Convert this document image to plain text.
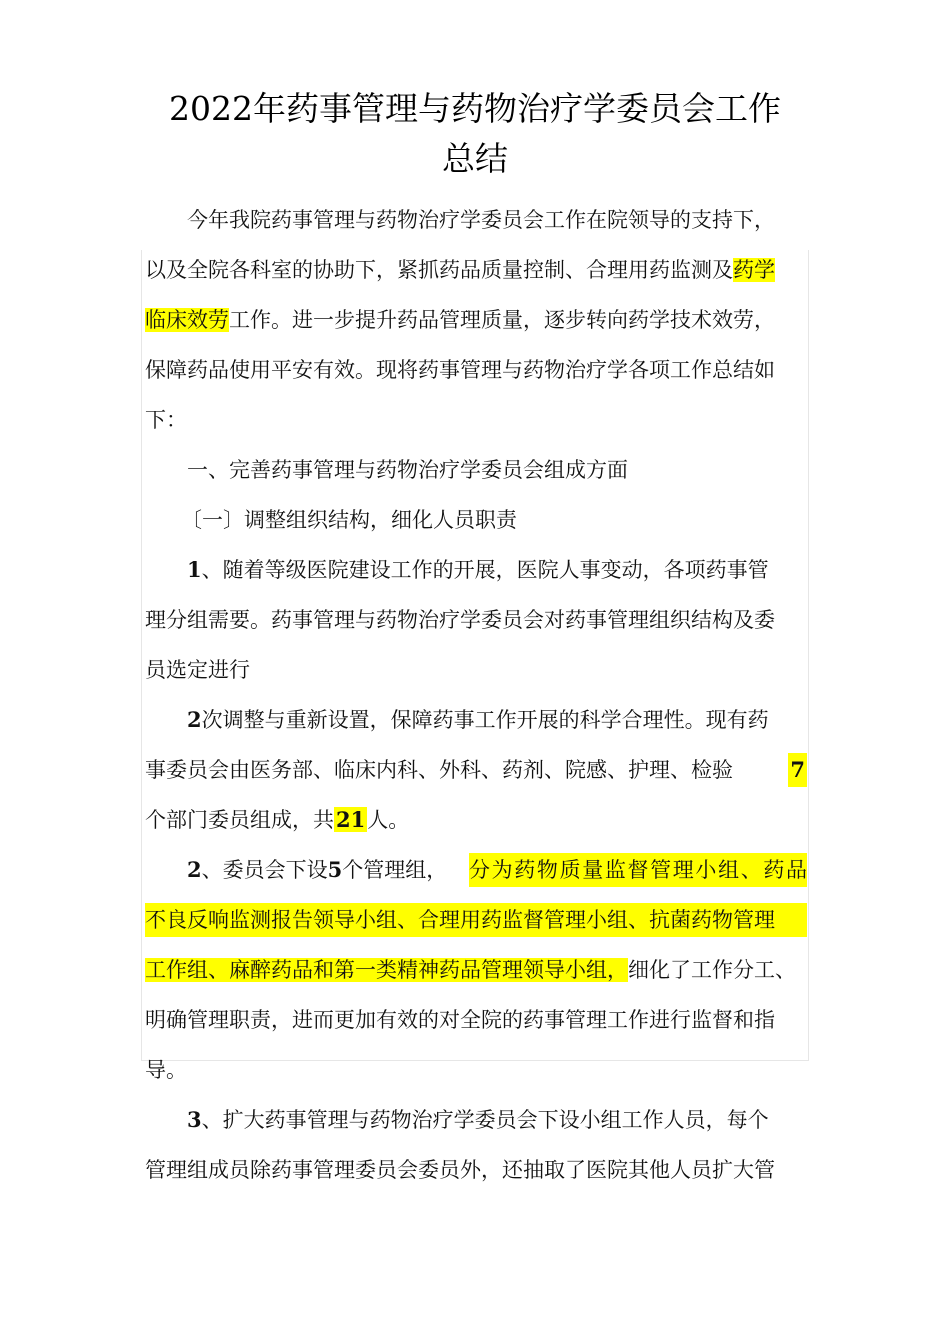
2022年药事管理与药物治疗学委员会工作
总结
今年我院药事管理与药物治疗学委员会工作在院领导的支持下，
以及全院各科室的协助下，紧抓药品质量控制、合理用药监测及药学
临床效劳工作。进一步提升药品管理质量，逐步转向药学技术效劳，
保障药品使用平安有效。现将药事管理与药物治疗学各项工作总结如
下：
一、完善药事管理与药物治疗学委员会组成方面
〔一〕调整组织结构，细化人员职责
1、随着等级医院建设工作的开展，医院人事变动，各项药事管
理分组需要。药事管理与药物治疗学委员会对药事管理组织结构及委
员选定进行
2次调整与重新设置，保障药事工作开展的科学合理性。现有药
事委员会由医务部、临床内科、外科、药剂、院感、护理、检验	7
个部门委员组成，共21人。
2、委员会下设5个管理组， 分为药物质量监督管理小组、药品
不良反响监测报告领导小组、合理用药监督管理小组、抗菌药物管理
工作组、麻醉药品和第一类精神药品管理领导小组，细化了工作分工、
明确管理职责，进而更加有效的对全院的药事管理工作进行监督和指
导。
3、扩大药事管理与药物治疗学委员会下设小组工作人员，每个
管理组成员除药事管理委员会委员外，还抽取了医院其他人员扩大管
